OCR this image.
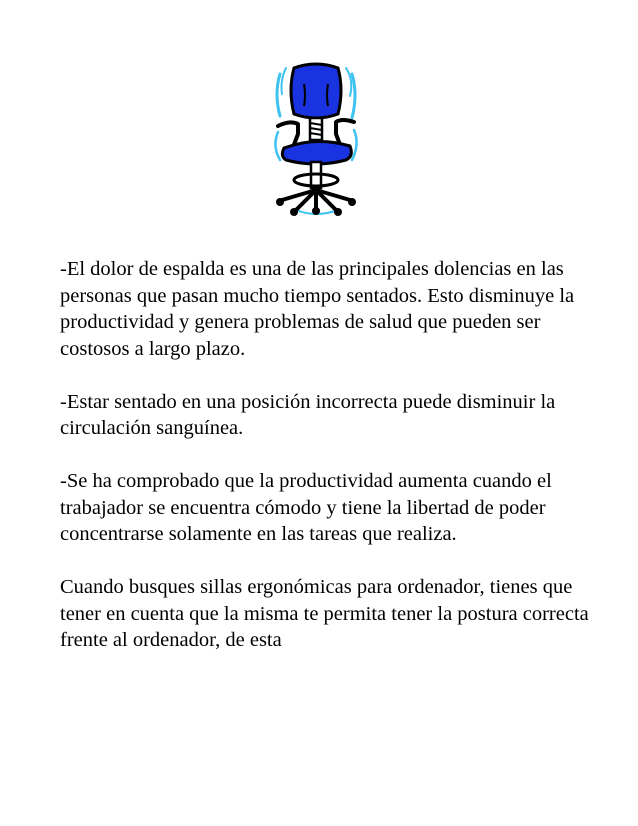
-El dolor de espalda es una de las principales dolencias en las personas que pasan mucho tiempo sentados. Esto disminuye la productividad y genera problemas de salud que pueden ser costosos a largo plazo.

-Estar sentado en una posición incorrecta puede disminuir la circulación sanguínea.

-Se ha comprobado que la productividad aumenta cuando el trabajador se encuentra cómodo y tiene la libertad de poder concentrarse solamente en las tareas que realiza.

Cuando busques sillas ergonómicas para ordenador, tienes que tener en cuenta que la misma te permita tener la postura correcta frente al ordenador, de esta
